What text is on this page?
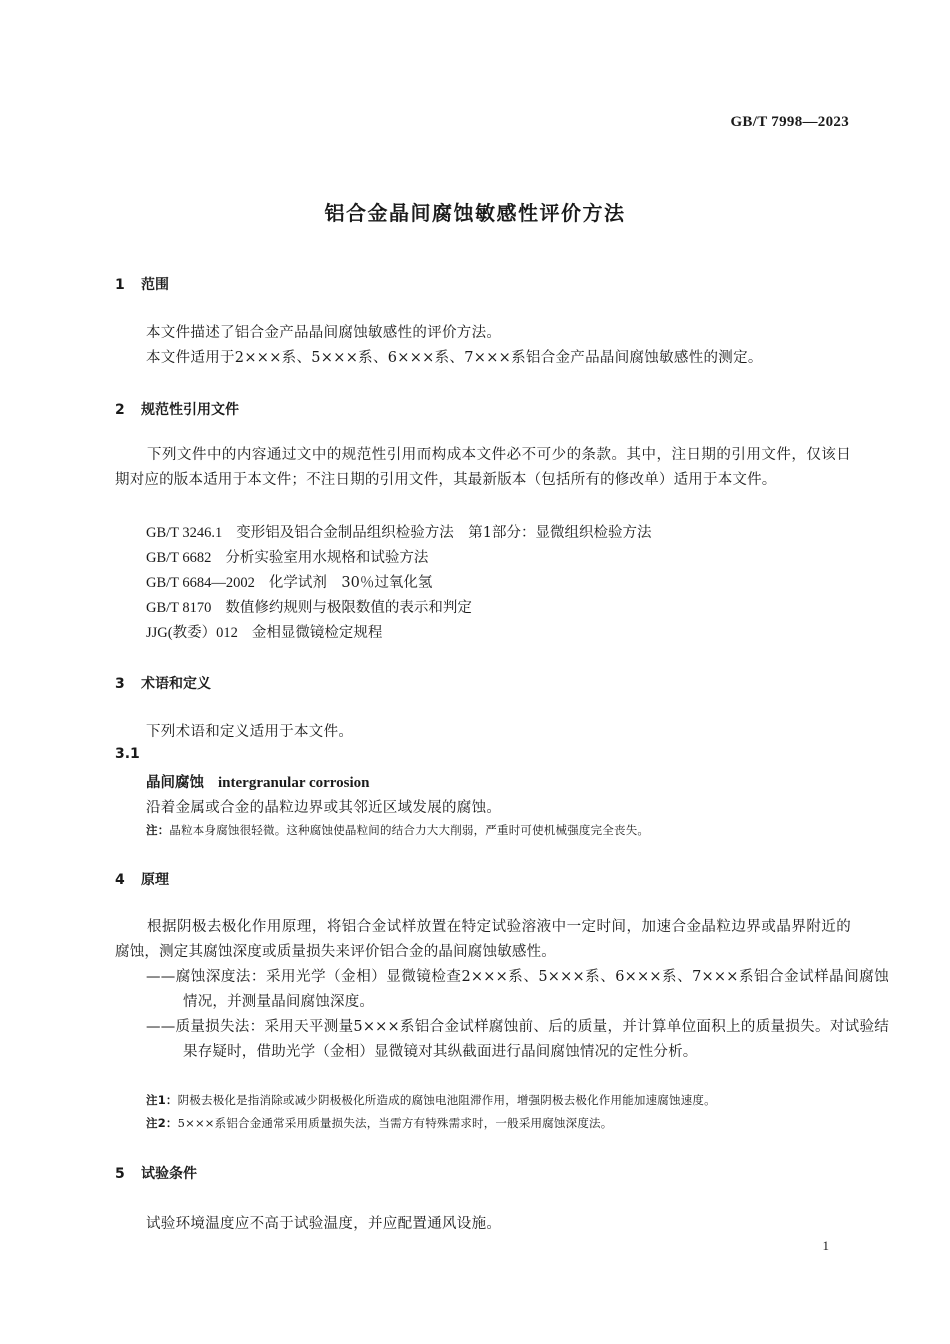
GB/T 7998—2023
铝合金晶间腐蚀敏感性评价方法
1 范围
本文件描述了铝合金产品晶间腐蚀敏感性的评价方法。
本文件适用于2×××系、5×××系、6×××系、7×××系铝合金产品晶间腐蚀敏感性的测定。
2 规范性引用文件
下列文件中的内容通过文中的规范性引用而构成本文件必不可少的条款。其中，注日期的引用文件，仅该日期对应的版本适用于本文件；不注日期的引用文件，其最新版本（包括所有的修改单）适用于本文件。
GB/T 3246.1 变形铝及铝合金制品组织检验方法　第1部分：显微组织检验方法
GB/T 6682 分析实验室用水规格和试验方法
GB/T 6684—2002 化学试剂　30％过氧化氢
GB/T 8170 数值修约规则与极限数值的表示和判定
JJG(教委）012 金相显微镜检定规程
3 术语和定义
下列术语和定义适用于本文件。
3.1
晶间腐蚀 intergranular corrosion
沿着金属或合金的晶粒边界或其邻近区域发展的腐蚀。
注：晶粒本身腐蚀很轻微。这种腐蚀使晶粒间的结合力大大削弱，严重时可使机械强度完全丧失。
4 原理
根据阴极去极化作用原理，将铝合金试样放置在特定试验溶液中一定时间，加速合金晶粒边界或晶界附近的腐蚀，测定其腐蚀深度或质量损失来评价铝合金的晶间腐蚀敏感性。
——腐蚀深度法：采用光学（金相）显微镜检查2×××系、5×××系、6×××系、7×××系铝合金试样晶间腐蚀情况，并测量晶间腐蚀深度。
——质量损失法：采用天平测量5×××系铝合金试样腐蚀前、后的质量，并计算单位面积上的质量损失。对试验结果存疑时，借助光学（金相）显微镜对其纵截面进行晶间腐蚀情况的定性分析。
注1：阴极去极化是指消除或减少阴极极化所造成的腐蚀电池阻滞作用，增强阴极去极化作用能加速腐蚀速度。
注2：5×××系铝合金通常采用质量损失法，当需方有特殊需求时，一般采用腐蚀深度法。
5 试验条件
试验环境温度应不高于试验温度，并应配置通风设施。
1
